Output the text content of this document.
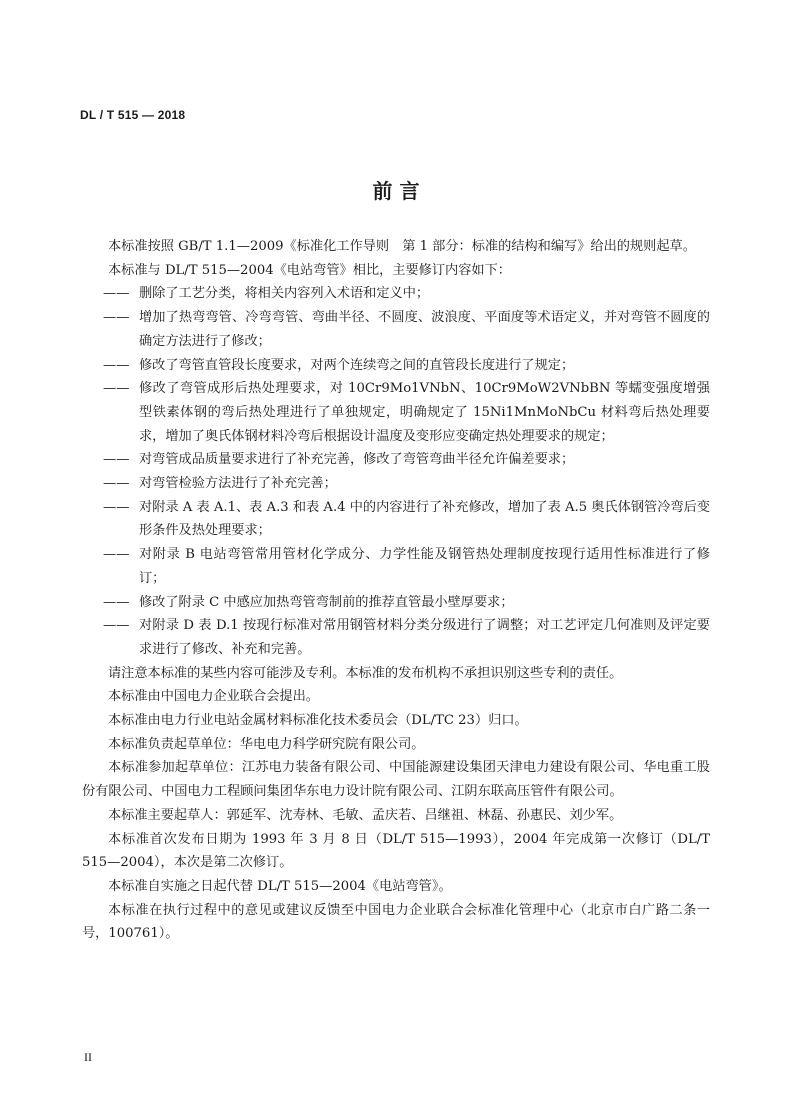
DL / T 515 — 2018
前 言

本标准按照 GB/T 1.1—2009《标准化工作导则　第 1 部分：标准的结构和编写》给出的规则起草。

本标准与 DL/T 515—2004《电站弯管》相比，主要修订内容如下：

—— 删除了工艺分类，将相关内容列入术语和定义中；
—— 增加了热弯弯管、冷弯弯管、弯曲半径、不圆度、波浪度、平面度等术语定义，并对弯管不圆度的确定方法进行了修改；
—— 修改了弯管直管段长度要求，对两个连续弯之间的直管段长度进行了规定；
—— 修改了弯管成形后热处理要求，对 10Cr9Mo1VNbN、10Cr9MoW2VNbBN 等蠕变强度增强型铁素体钢的弯后热处理进行了单独规定，明确规定了 15Ni1MnMoNbCu 材料弯后热处理要求，增加了奥氏体钢材料冷弯后根据设计温度及变形应变确定热处理要求的规定；
—— 对弯管成品质量要求进行了补充完善，修改了弯管弯曲半径允许偏差要求；
—— 对弯管检验方法进行了补充完善；
—— 对附录 A 表 A.1、表 A.3 和表 A.4 中的内容进行了补充修改，增加了表 A.5 奥氏体钢管冷弯后变形条件及热处理要求；
—— 对附录 B 电站弯管常用管材化学成分、力学性能及钢管热处理制度按现行适用性标准进行了修订；
—— 修改了附录 C 中感应加热弯管弯制前的推荐直管最小壁厚要求；
—— 对附录 D 表 D.1 按现行标准对常用钢管材料分类分级进行了调整；对工艺评定几何准则及评定要求进行了修改、补充和完善。

请注意本标准的某些内容可能涉及专利。本标准的发布机构不承担识别这些专利的责任。

本标准由中国电力企业联合会提出。

本标准由电力行业电站金属材料标准化技术委员会（DL/TC 23）归口。

本标准负责起草单位：华电电力科学研究院有限公司。

本标准参加起草单位：江苏电力装备有限公司、中国能源建设集团天津电力建设有限公司、华电重工股份有限公司、中国电力工程顾问集团华东电力设计院有限公司、江阴东联高压管件有限公司。

本标准主要起草人：郭延军、沈寿林、毛敏、孟庆若、吕继祖、林磊、孙惠民、刘少军。

本标准首次发布日期为 1993 年 3 月 8 日（DL/T 515—1993），2004 年完成第一次修订（DL/T 515—2004），本次是第二次修订。

本标准自实施之日起代替 DL/T 515—2004《电站弯管》。

本标准在执行过程中的意见或建议反馈至中国电力企业联合会标准化管理中心（北京市白广路二条一号，100761）。

II
